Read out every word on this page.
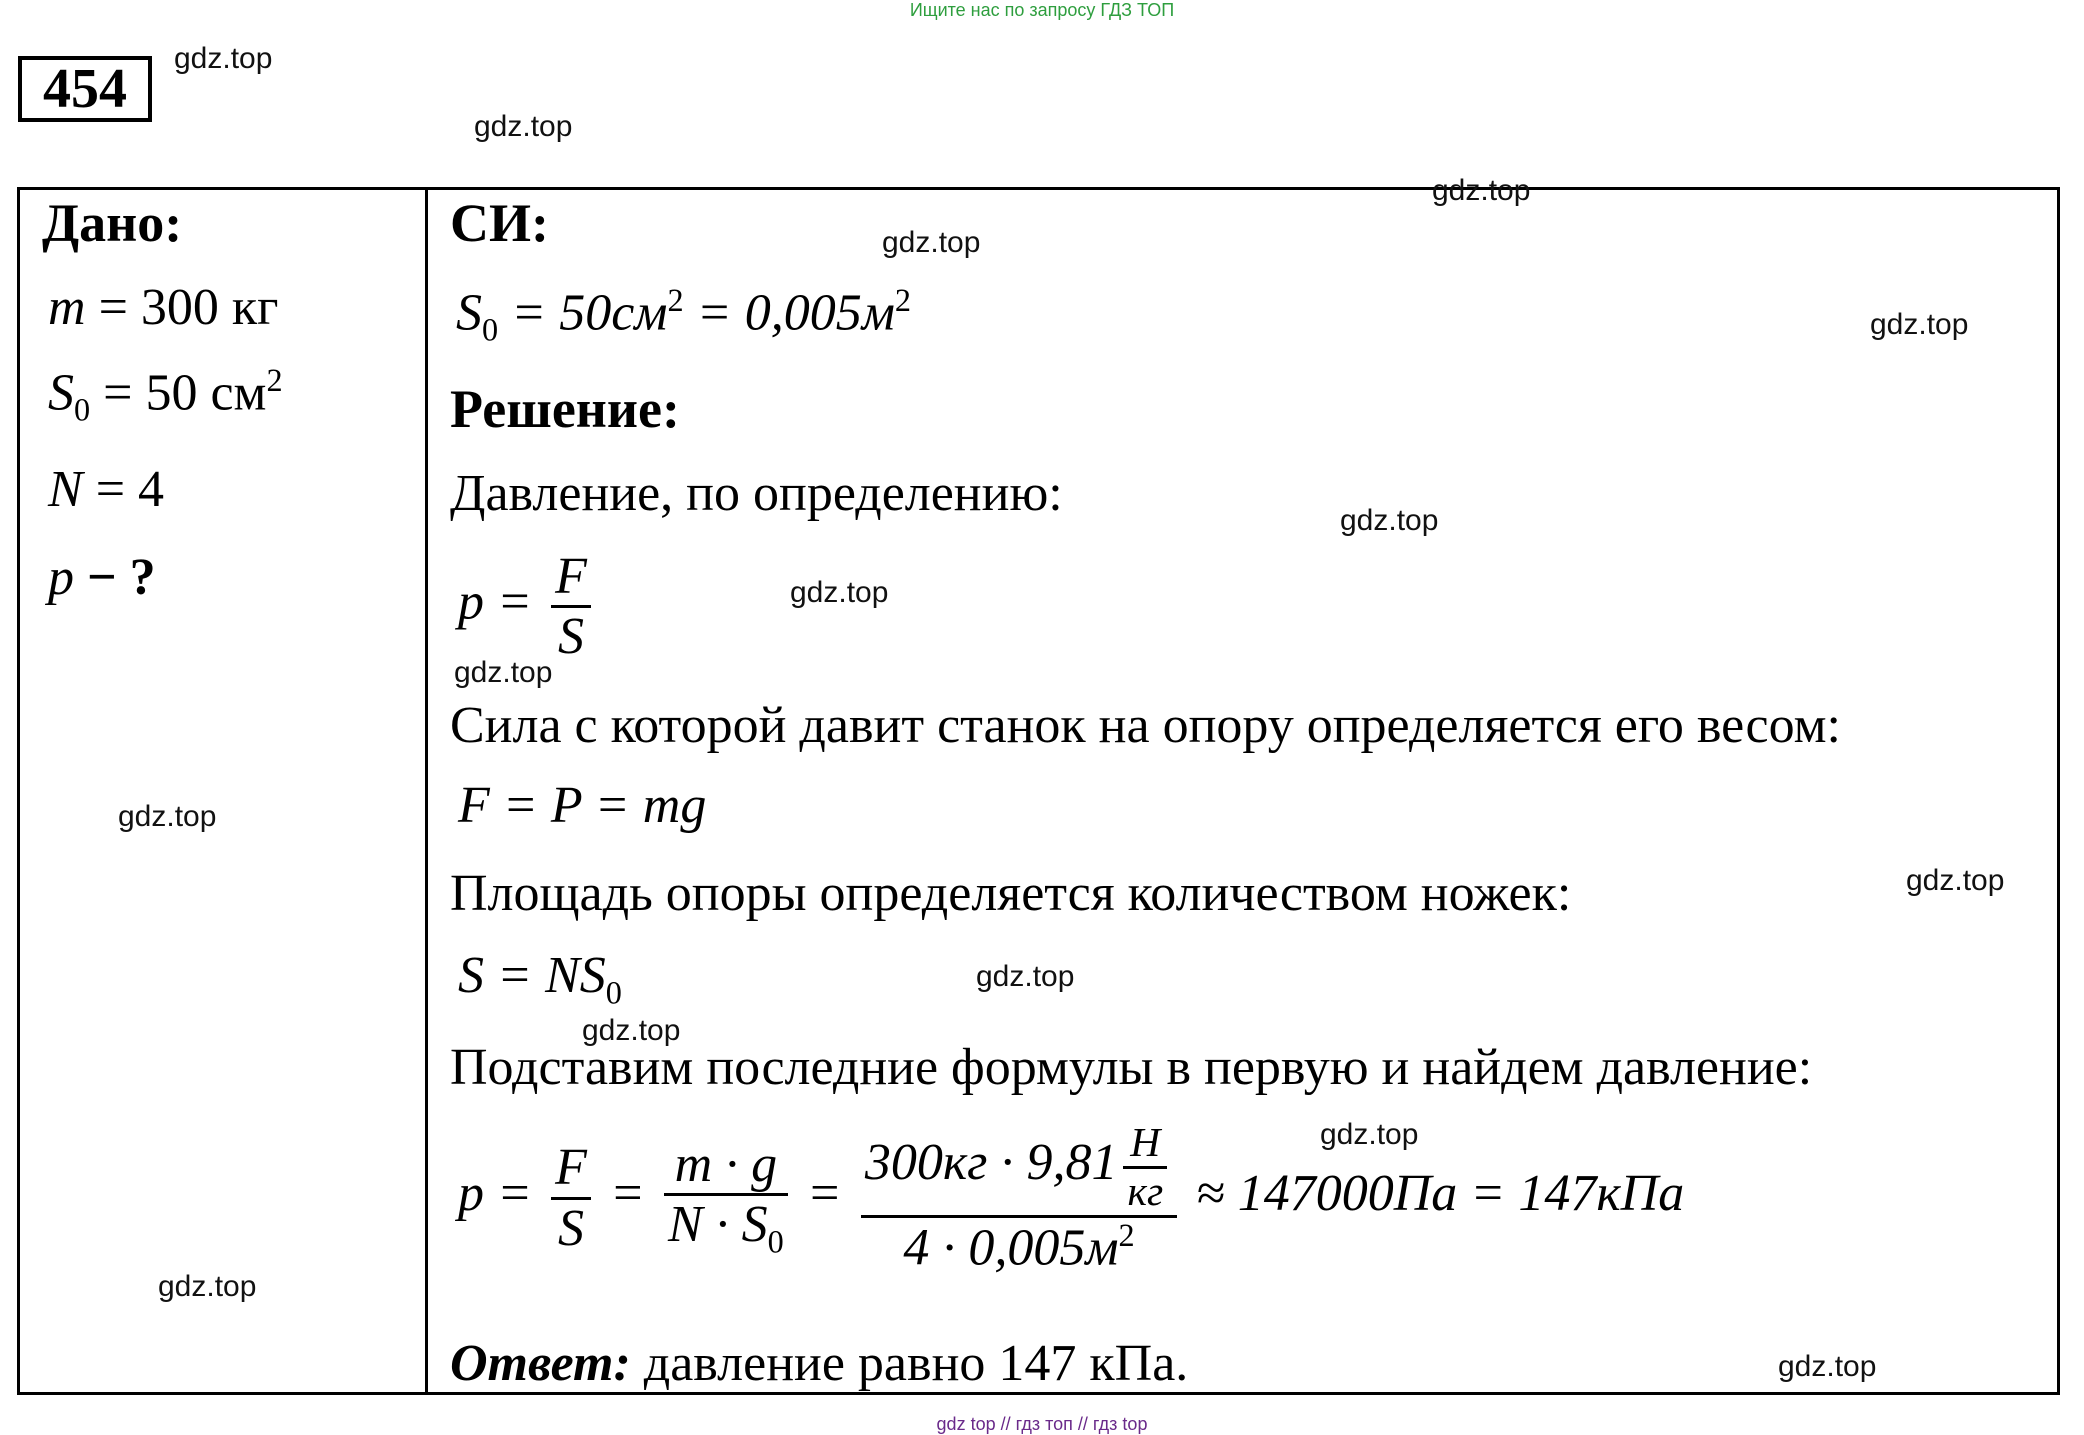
Ищите нас по запросу ГДЗ ТОП
454
Дано:
m = 300 кг
$S_0 = 50$ $см^2$
N = 4
p − ?
СИ:
$S_0 = 50см^2 = 0,005м^2$
Решение:
Давление, по определению:
$p = \frac{F}{S}$
Сила с которой давит станок на опору определяется его весом:
F = P = mg
Площадь опоры определяется количеством ножек:
$S = NS_0$
Подставим последние формулы в первую и найдем давление:
$p = \frac{F}{S} = \frac{m \cdot g}{N \cdot S_0} = \frac{300кг \cdot 9,81 \frac{Н}{кг}}{4 \cdot 0,005м^2} \approx 147000Па = 147кПа$
Ответ: давление равно 147 кПа.
gdz.top
gdz.top
gdz.top
gdz.top
gdz.top
gdz.top
gdz.top
gdz.top
gdz.top
gdz.top
gdz.top
gdz.top
gdz.top
gdz.top
gdz.top
gdz top // гдз топ // гдз top
